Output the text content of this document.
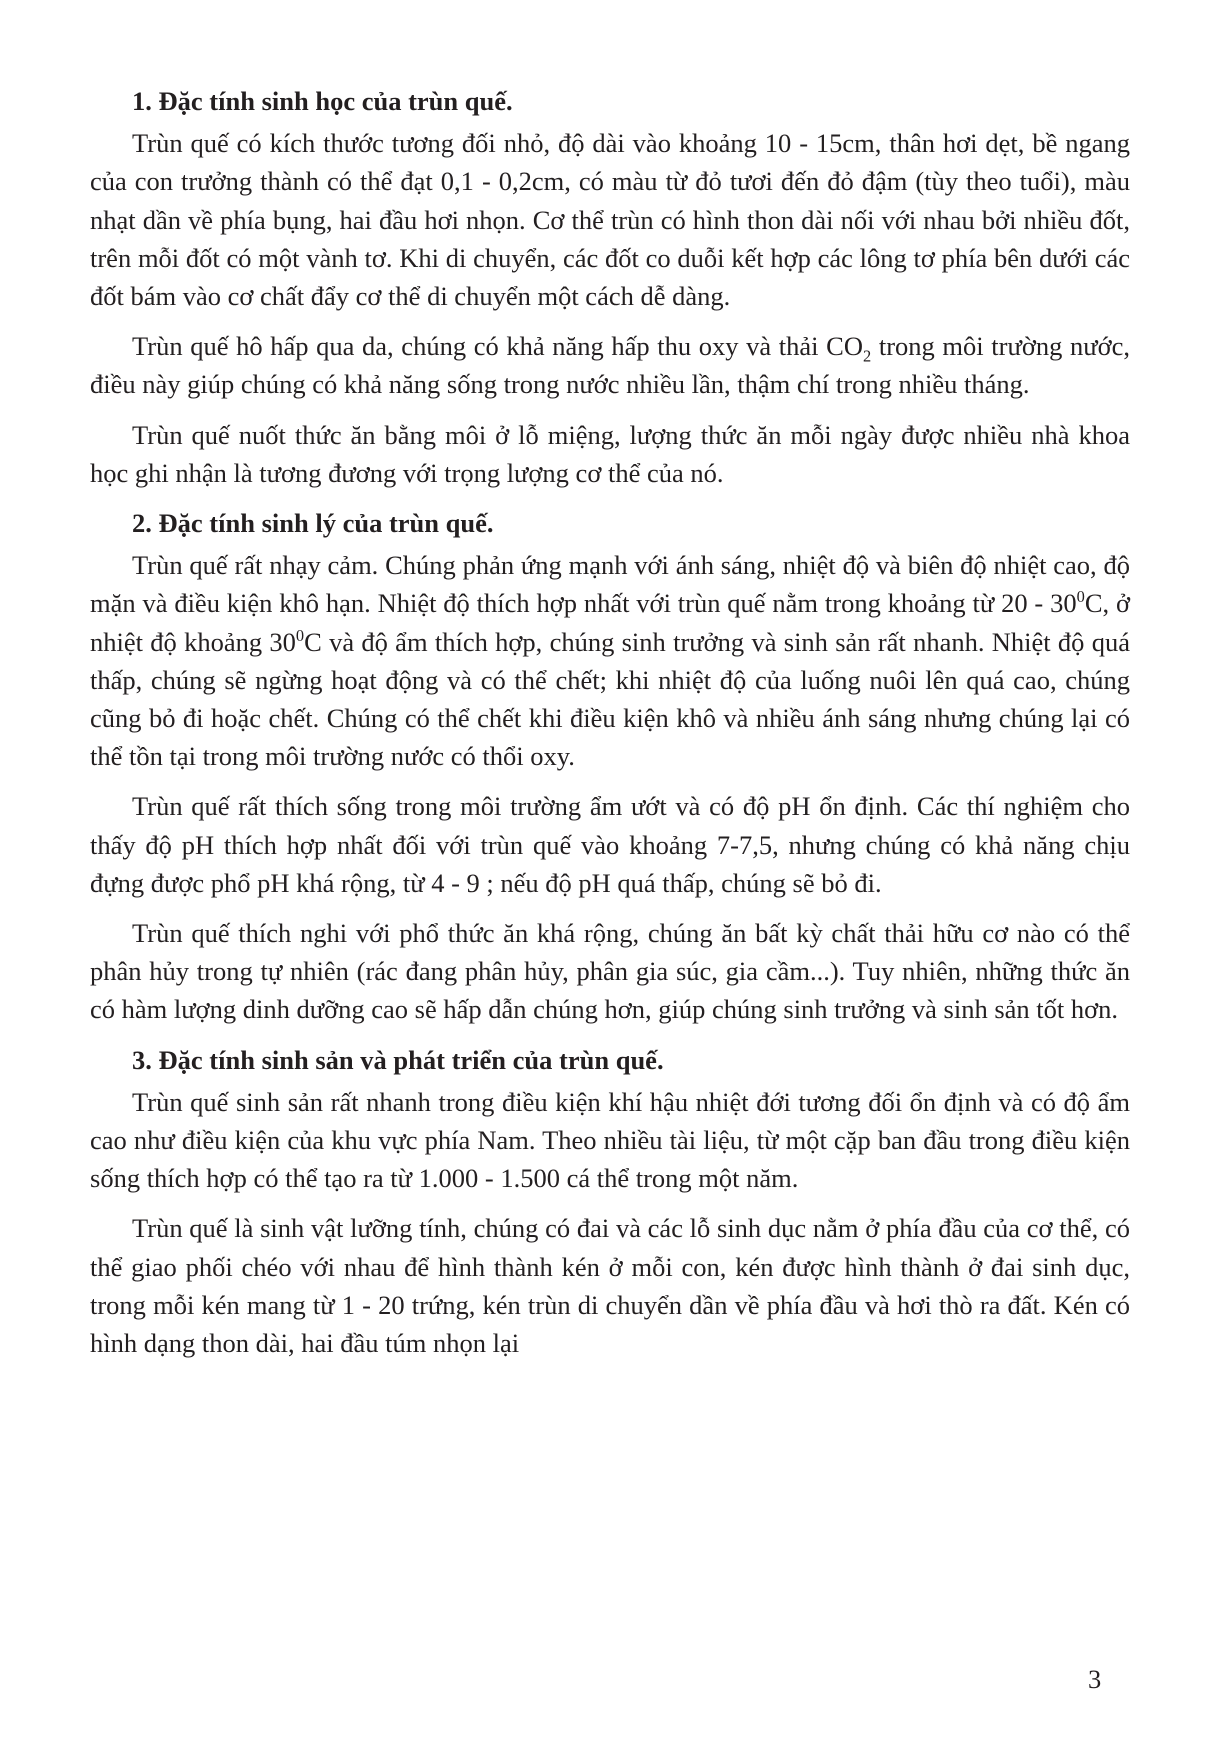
1. Đặc tính sinh học của trùn quế.

Trùn quế có kích thước tương đối nhỏ, độ dài vào khoảng 10 - 15cm, thân hơi dẹt, bề ngang của con trưởng thành có thể đạt 0,1 - 0,2cm, có màu từ đỏ tươi đến đỏ đậm (tùy theo tuổi), màu nhạt dần về phía bụng, hai đầu hơi nhọn. Cơ thể trùn có hình thon dài nối với nhau bởi nhiều đốt, trên mỗi đốt có một vành tơ. Khi di chuyển, các đốt co duỗi kết hợp các lông tơ phía bên dưới các đốt bám vào cơ chất đẩy cơ thể di chuyển một cách dễ dàng.

Trùn quế hô hấp qua da, chúng có khả năng hấp thu oxy và thải $CO_2$ trong môi trường nước, điều này giúp chúng có khả năng sống trong nước nhiều lần, thậm chí trong nhiều tháng.

Trùn quế nuốt thức ăn bằng môi ở lỗ miệng, lượng thức ăn mỗi ngày được nhiều nhà khoa học ghi nhận là tương đương với trọng lượng cơ thể của nó.

2. Đặc tính sinh lý của trùn quế.

Trùn quế rất nhạy cảm. Chúng phản ứng mạnh với ánh sáng, nhiệt độ và biên độ nhiệt cao, độ mặn và điều kiện khô hạn. Nhiệt độ thích hợp nhất với trùn quế nằm trong khoảng từ $20 - 30^0C$, ở nhiệt độ khoảng $30^0C$ và độ ẩm thích hợp, chúng sinh trưởng và sinh sản rất nhanh. Nhiệt độ quá thấp, chúng sẽ ngừng hoạt động và có thể chết; khi nhiệt độ của luống nuôi lên quá cao, chúng cũng bỏ đi hoặc chết. Chúng có thể chết khi điều kiện khô và nhiều ánh sáng nhưng chúng lại có thể tồn tại trong môi trường nước có thổi oxy.

Trùn quế rất thích sống trong môi trường ẩm ướt và có độ pH ổn định. Các thí nghiệm cho thấy độ pH thích hợp nhất đối với trùn quế vào khoảng 7-7,5, nhưng chúng có khả năng chịu đựng được phổ pH khá rộng, từ 4 - 9 ; nếu độ pH quá thấp, chúng sẽ bỏ đi.

Trùn quế thích nghi với phổ thức ăn khá rộng, chúng ăn bất kỳ chất thải hữu cơ nào có thể phân hủy trong tự nhiên (rác đang phân hủy, phân gia súc, gia cầm...). Tuy nhiên, những thức ăn có hàm lượng dinh dưỡng cao sẽ hấp dẫn chúng hơn, giúp chúng sinh trưởng và sinh sản tốt hơn.

3. Đặc tính sinh sản và phát triển của trùn quế.

Trùn quế sinh sản rất nhanh trong điều kiện khí hậu nhiệt đới tương đối ổn định và có độ ẩm cao như điều kiện của khu vực phía Nam. Theo nhiều tài liệu, từ một cặp ban đầu trong điều kiện sống thích hợp có thể tạo ra từ 1.000 - 1.500 cá thể trong một năm.

Trùn quế là sinh vật lưỡng tính, chúng có đai và các lỗ sinh dục nằm ở phía đầu của cơ thể, có thể giao phối chéo với nhau để hình thành kén ở mỗi con, kén được hình thành ở đai sinh dục, trong mỗi kén mang từ 1 - 20 trứng, kén trùn di chuyển dần về phía đầu và hơi thò ra đất. Kén có hình dạng thon dài, hai đầu túm nhọn lại

3
